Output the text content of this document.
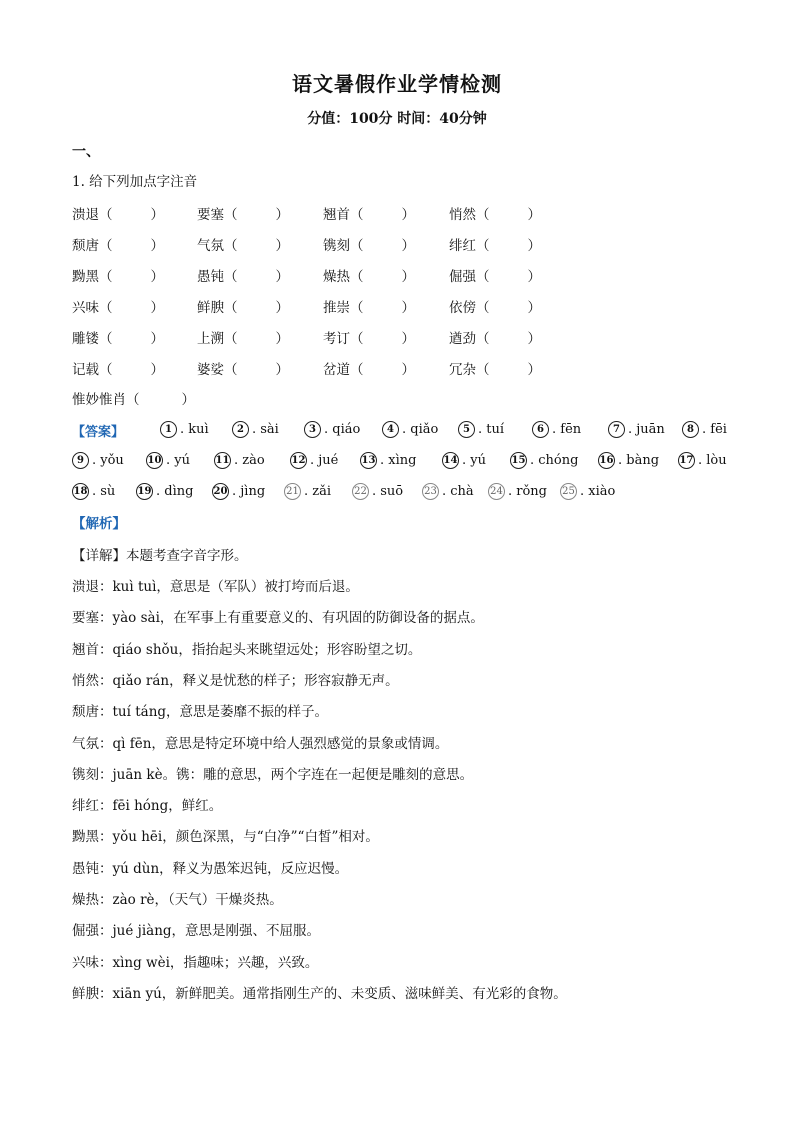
语文暑假作业学情检测
分值：100分 时间：40分钟
一、
1. 给下列加点字注音
溃退（	） 要塞（	）	翘首（	）	悄然（	）
颓唐（	） 气氛（	）	镌刻（	）	绯红（	）
黝黑（	） 愚钝（	）	燥热（	）	倔强（	）
兴味（	） 鲜腴（	）	推崇（	）	依傍（	）
雕镂（	） 上溯（	）	考订（	）	遒劲（	）
记载（	） 婆娑（	）	岔道（	）	冗杂（	）
惟妙惟肖（	）
【答案】	1 . kuì	2 . sài	3 . qiáo	4 . qiǎo	5 . tuí	6 . fēn	7 . juān	8 . fēi
9 . yǒu 10 . yú	11 . zào	12 . jué 13 . xìng	14 . yú	15 . chóng 16 . bàng 17 . lòu
18 . sù 19 . dìng 20 . jìng 21 . zǎi 22 . suō 23 . chà 24 . rǒng 25 . xiào
【解析】
【详解】本题考查字音字形。
溃退：kuì tuì，意思是（军队）被打垮而后退。
要塞：yào sài，在军事上有重要意义的、有巩固的防御设备的据点。
翘首：qiáo shǒu，指抬起头来眺望远处；形容盼望之切。
悄然：qiǎo rán，释义是忧愁的样子；形容寂静无声。
颓唐：tuí táng，意思是萎靡不振的样子。
气氛：qì fēn，意思是特定环境中给人强烈感觉的景象或情调。
镌刻：juān kè。镌：雕的意思，两个字连在一起便是雕刻的意思。
绯红：fēi hóng，鲜红。
黝黑：yǒu hēi，颜色深黑，与“白净”“白皙”相对。
愚钝：yú dùn，释义为愚笨迟钝，反应迟慢。
燥热：zào rè，（天气）干燥炎热。
倔强：jué jiàng，意思是刚强、不屈服。
兴味：xìng wèi，指趣味；兴趣，兴致。
鲜腴：xiān yú，新鲜肥美。通常指刚生产的、未变质、滋味鲜美、有光彩的食物。
